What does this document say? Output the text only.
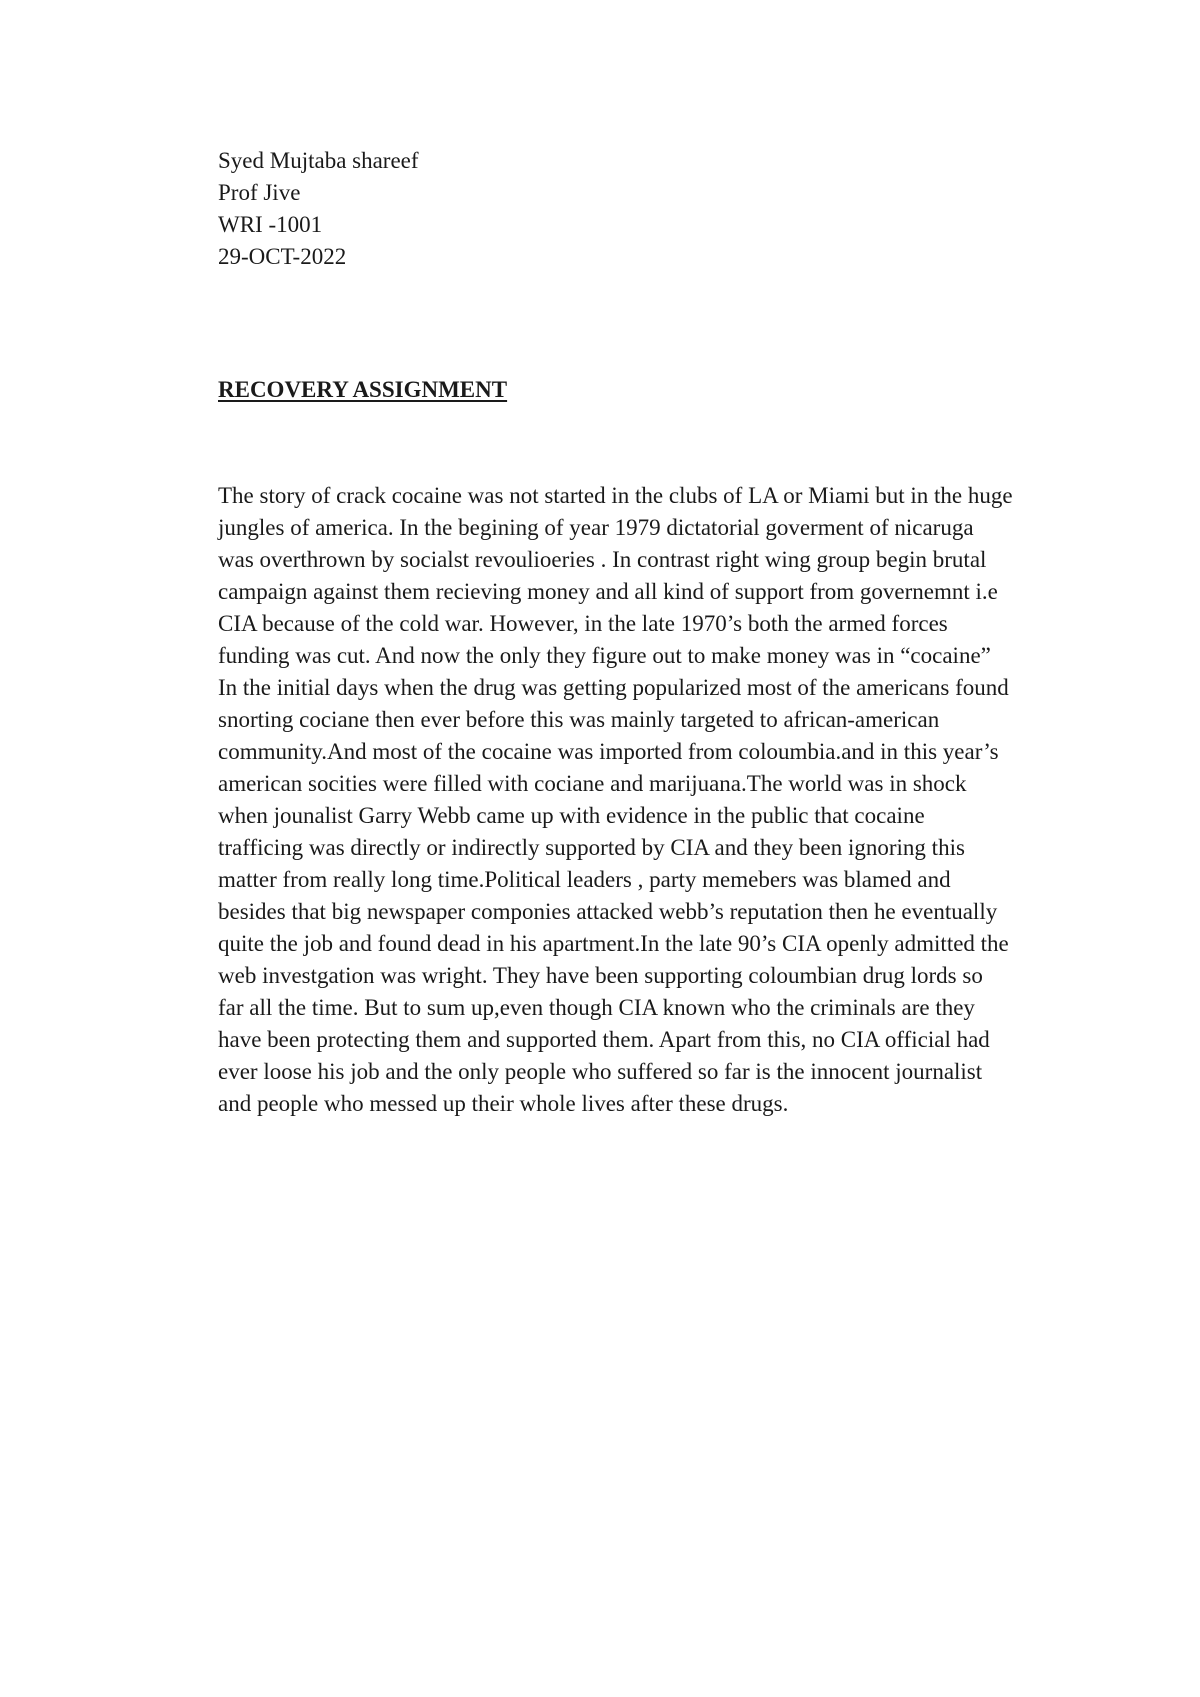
Syed Mujtaba shareef
Prof Jive
WRI -1001
29-OCT-2022
RECOVERY ASSIGNMENT
The story of crack cocaine was not started in the clubs of LA or Miami but in the huge
jungles of america. In the begining of year 1979 dictatorial goverment of nicaruga
was overthrown by socialst revoulioeries . In contrast right wing group begin brutal
campaign against them recieving money and all kind of support from governemnt i.e
CIA because of the cold war. However, in the late 1970’s both the armed forces
funding was cut. And now the only they figure out to make money was in “cocaine”
In the initial days when the drug was getting popularized most of the americans found
snorting cociane then ever before this was mainly targeted to african-american
community.And most of the cocaine was imported from coloumbia.and in this year’s
american socities were filled with cociane and marijuana.The world was in shock
when jounalist Garry Webb came up with evidence in the public that cocaine
trafficing was directly or indirectly supported by CIA and they been ignoring this
matter from really long time.Political leaders , party memebers was blamed and
besides that big newspaper componies attacked webb’s reputation then he eventually
quite the job and found dead in his apartment.In the late 90’s CIA openly admitted the
web investgation was wright. They have been supporting coloumbian drug lords so
far all the time. But to sum up,even though CIA known who the criminals are they
have been protecting them and supported them. Apart from this, no CIA official had
ever loose his job and the only people who suffered so far is the innocent journalist
and people who messed up their whole lives after these drugs.
